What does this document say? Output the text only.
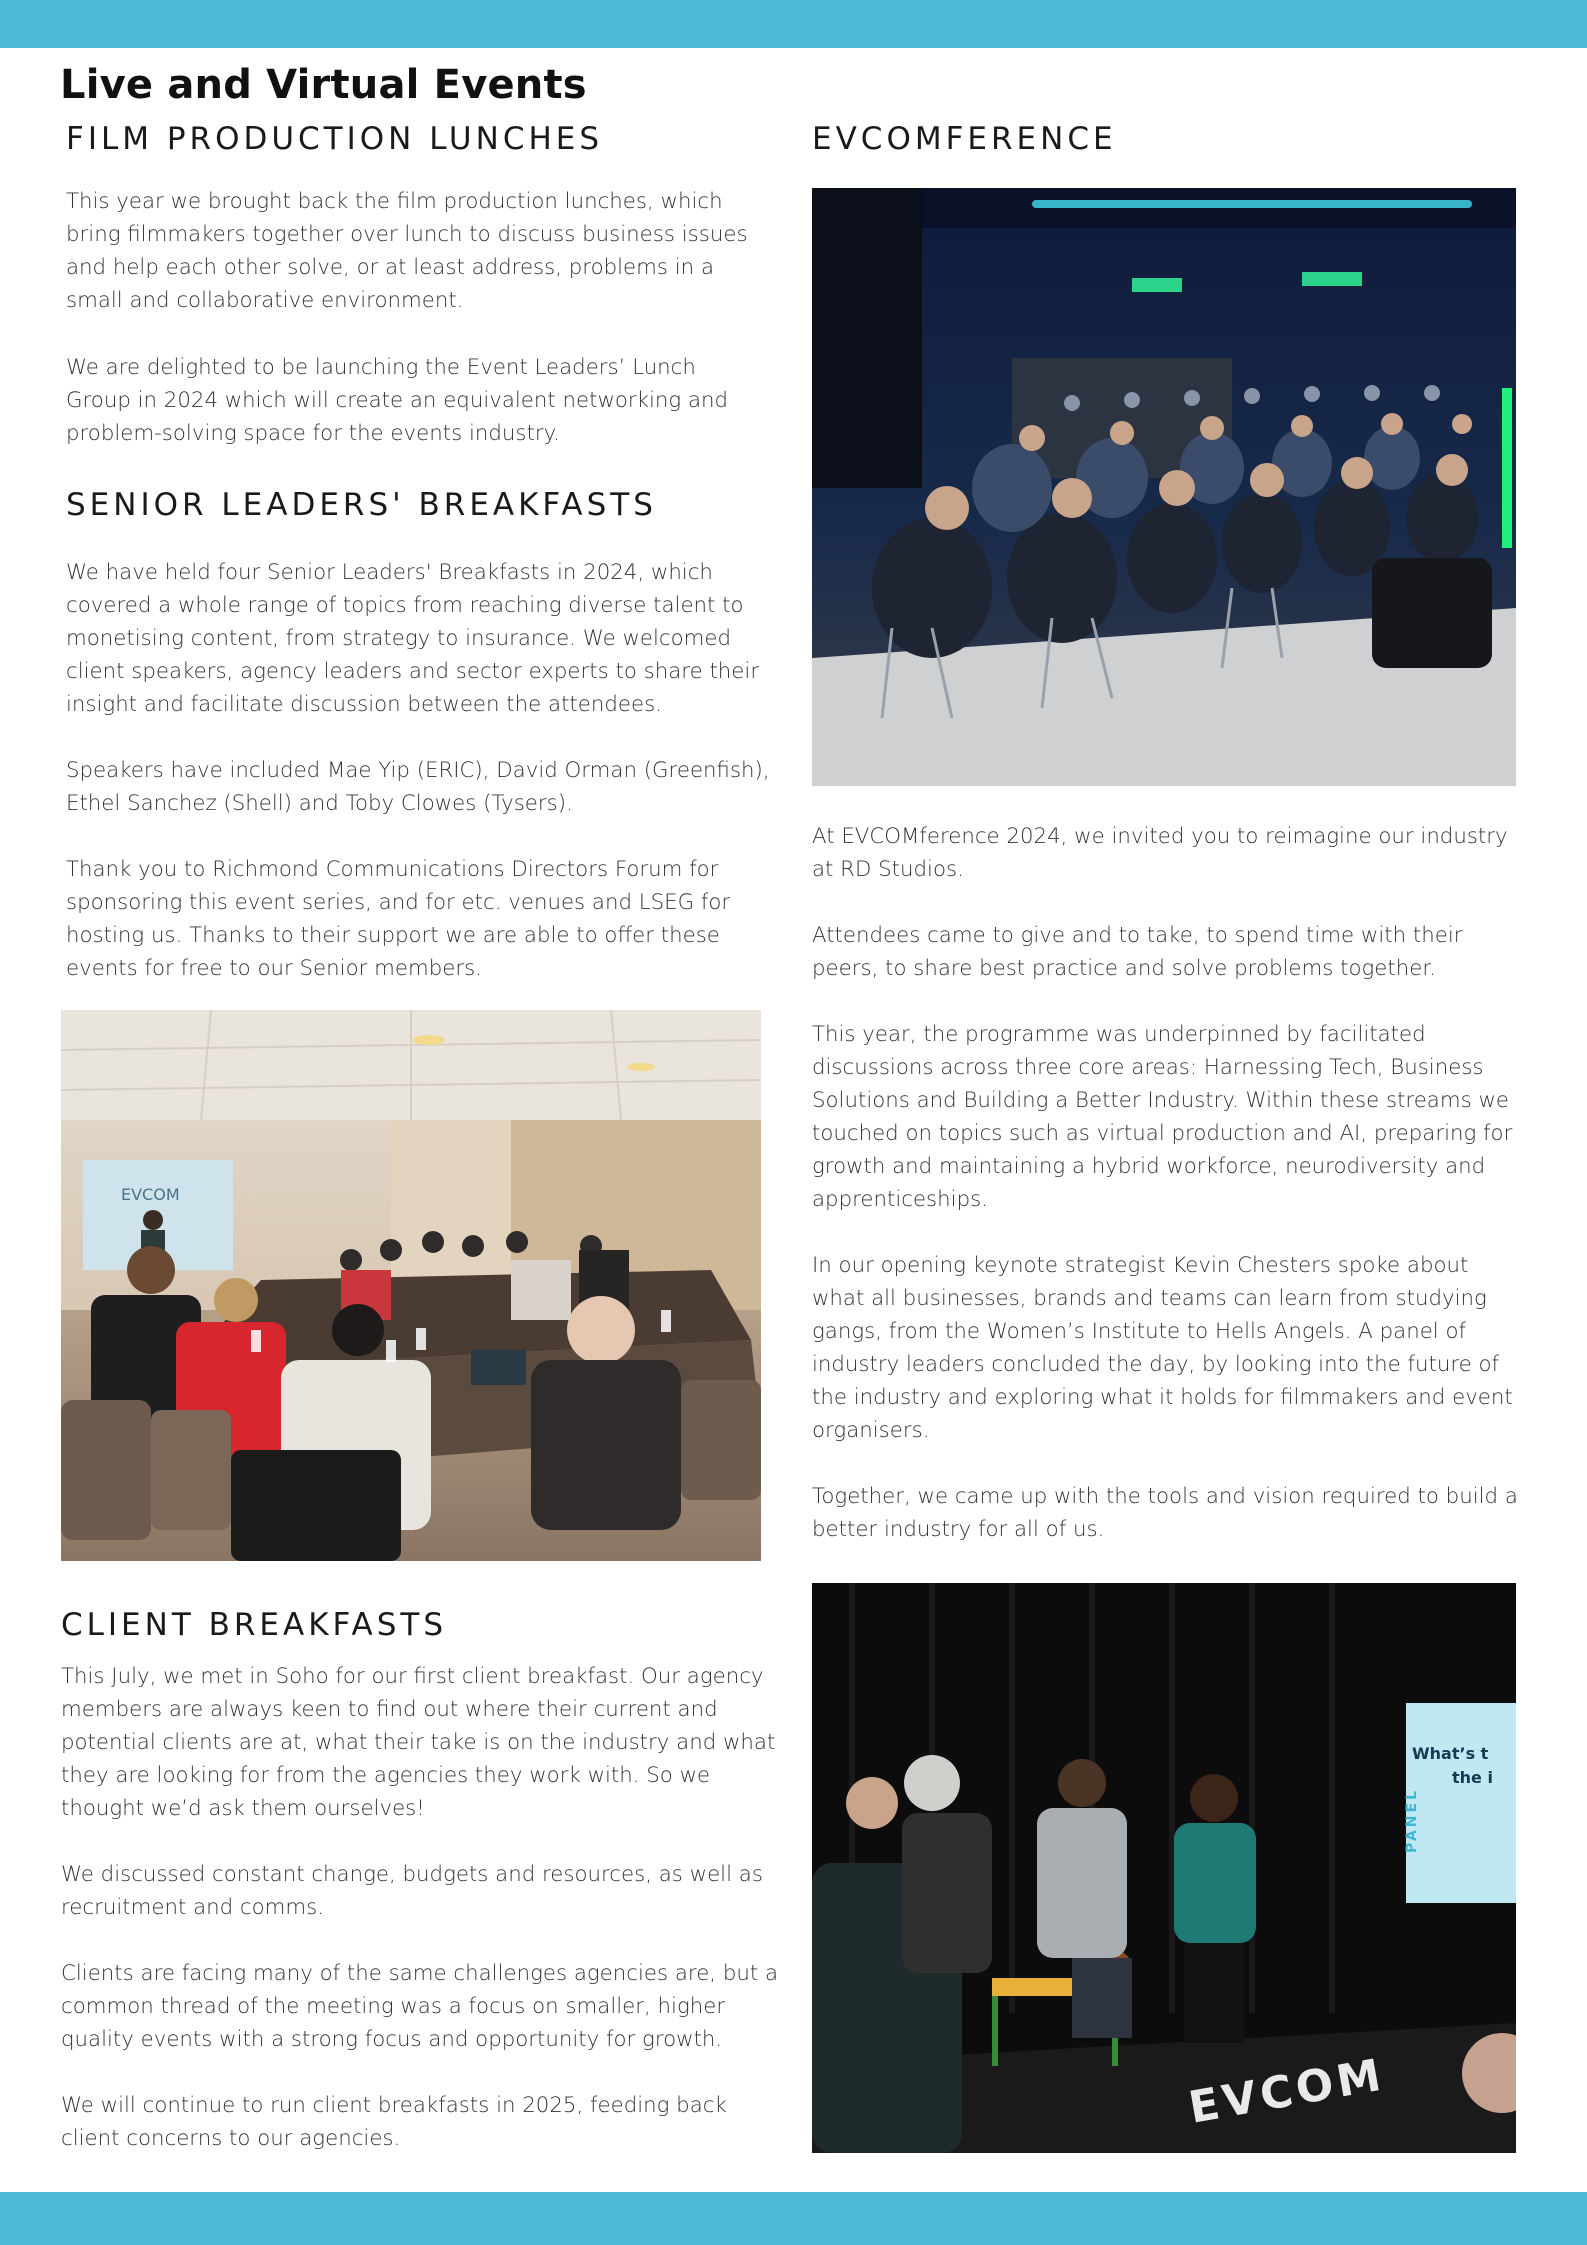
Live and Virtual Events
FILM PRODUCTION LUNCHES

This year we brought back the film production lunches, which bring filmmakers together over lunch to discuss business issues and help each other solve, or at least address, problems in a small and collaborative environment.

We are delighted to be launching the Event Leaders’ Lunch Group in 2024 which will create an equivalent networking and problem-solving space for the events industry.

SENIOR LEADERS' BREAKFASTS

We have held four Senior Leaders' Breakfasts in 2024, which covered a whole range of topics from reaching diverse talent to monetising content, from strategy to insurance. We welcomed client speakers, agency leaders and sector experts to share their insight and facilitate discussion between the attendees.

Speakers have included Mae Yip (ERIC), David Orman (Greenfish), Ethel Sanchez (Shell) and Toby Clowes (Tysers).

Thank you to Richmond Communications Directors Forum for sponsoring this event series, and for etc. venues and LSEG for hosting us. Thanks to their support we are able to offer these events for free to our Senior members.

EVCOM
CLIENT BREAKFASTS

This July, we met in Soho for our first client breakfast. Our agency members are always keen to find out where their current and potential clients are at, what their take is on the industry and what they are looking for from the agencies they work with. So we thought we’d ask them ourselves!

We discussed constant change, budgets and resources, as well as recruitment and comms.

Clients are facing many of the same challenges agencies are, but a common thread of the meeting was a focus on smaller, higher quality events with a strong focus and opportunity for growth.

We will continue to run client breakfasts in 2025, feeding back client concerns to our agencies.

EVCOMFERENCE

At EVCOMference 2024, we invited you to reimagine our industry at RD Studios.

Attendees came to give and to take, to spend time with their peers, to share best practice and solve problems together.

This year, the programme was underpinned by facilitated discussions across three core areas: Harnessing Tech, Business Solutions and Building a Better Industry. Within these streams we touched on topics such as virtual production and AI, preparing for growth and maintaining a hybrid workforce, neurodiversity and apprenticeships.

In our opening keynote strategist Kevin Chesters spoke about what all businesses, brands and teams can learn from studying gangs, from the Women’s Institute to Hells Angels. A panel of industry leaders concluded the day, by looking into the future of the industry and exploring what it holds for filmmakers and event organisers.

Together, we came up with the tools and vision required to build a better industry for all of us.

What’s t
the i
PANEL
EVCOM
